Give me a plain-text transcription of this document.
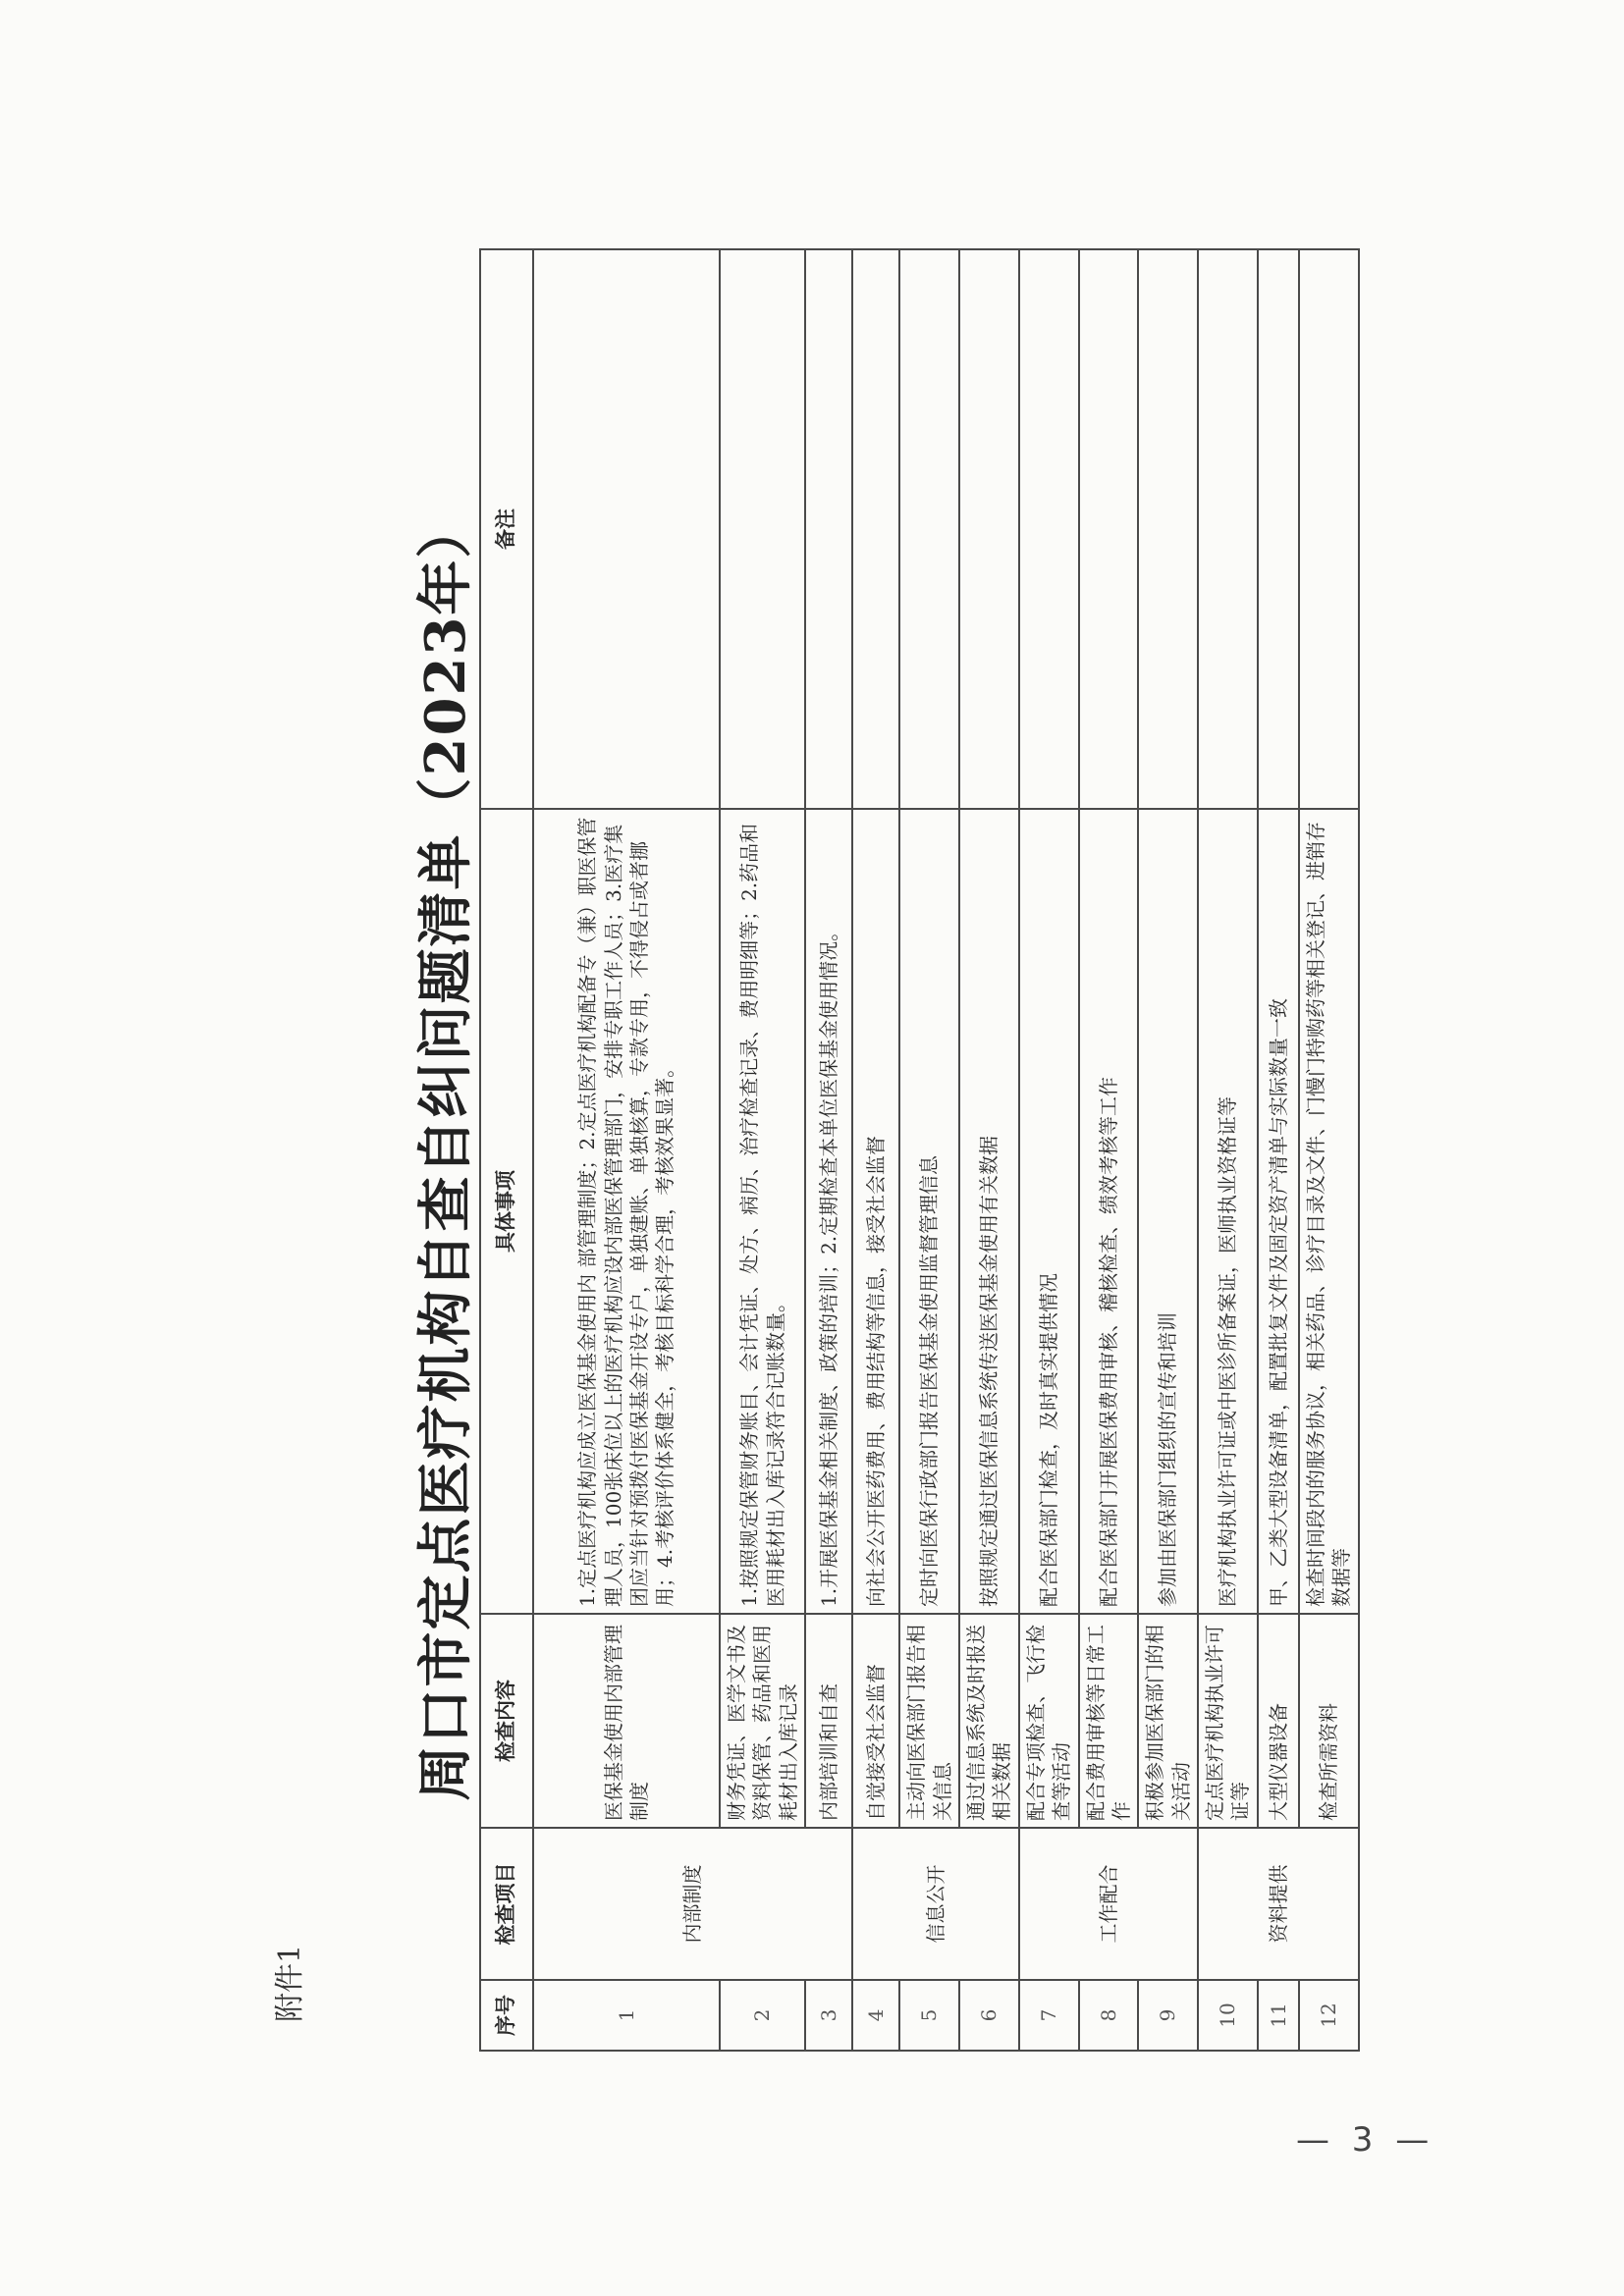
附件1
周口市定点医疗机构自查自纠问题清单（2023年）
序号	检查项目	检查内容	具体事项	备注
1	内部制度	医保基金使用内部管理制度	1.定点医疗机构应成立医保基金使用内 部管理制度；2.定点医疗机构配备专（兼）职医保管理人员，100张床位以上的医疗机构应设内部医保管理部门，安排专职工作人员；3.医疗集团应当针对预拨付医保基金开设专户，单独建账、单独核算，专款专用，不得侵占或者挪用；4.考核评价体系健全，考核目标科学合理，考核效果显著。	
2		财务凭证、医学文书及资料保管、药品和医用耗材出入库记录	1.按照规定保管财务账目、会计凭证、处方、病历、治疗检查记录、费用明细等；2.药品和医用耗材出入库记录符合记账数量。	
3		内部培训和自查	1.开展医保基金相关制度、政策的培训；2.定期检查本单位医保基金使用情况。	
4	信息公开	自觉接受社会监督	向社会公开医药费用、费用结构等信息，接受社会监督	
5		主动向医保部门报告相关信息	定时向医保行政部门报告医保基金使用监督管理信息	
6		通过信息系统及时报送相关数据	按照规定通过医保信息系统传送医保基金使用有关数据	
7	工作配合	配合专项检查、飞行检查等活动	配合医保部门检查，及时真实提供情况	
8		配合费用审核等日常工作	配合医保部门开展医保费用审核、稽核检查、绩效考核等工作	
9		积极参加医保部门的相关活动	参加由医保部门组织的宣传和培训	
10	资料提供	定点医疗机构执业许可证等	医疗机构执业许可证或中医诊所备案证，医师执业资格证等	
11		大型仪器设备	甲、乙类大型设备清单，配置批复文件及固定资产清单与实际数量一致	
12		检查所需资料	检查时间段内的服务协议，相关药品、诊疗目录及文件、门慢门特购药等相关登记、进销存数据等	
— 3 —
